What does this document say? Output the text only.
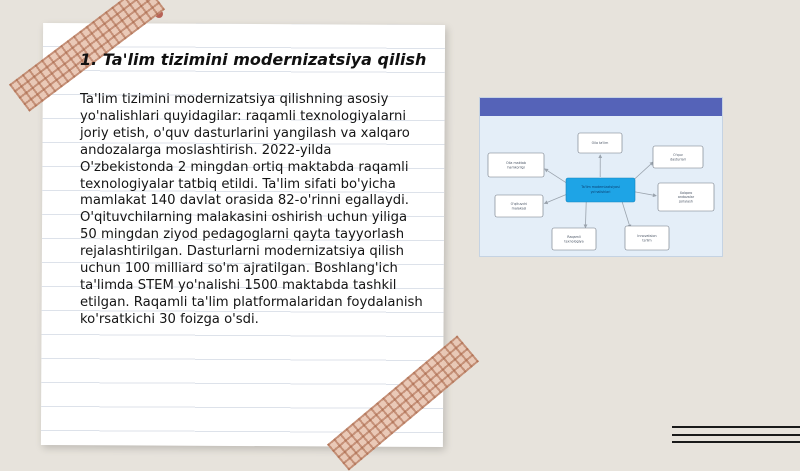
1. Ta'lim tizimini modernizatsiya qilish

Ta'lim tizimini modernizatsiya qilishning asosiy yo'nalishlari quyidagilar: raqamli texnologiyalarni joriy etish, o'quv dasturlarini yangilash va xalqaro andozalarga moslashtirish. 2022-yilda O'zbekistonda 2 mingdan ortiq maktabda raqamli texnologiyalar tatbiq etildi. Ta'lim sifati bo'yicha mamlakat 140 davlat orasida 82-o'rinni egallaydi. O'qituvchilarning malakasini oshirish uchun yiliga 50 mingdan ziyod pedagoglarni qayta tayyorlash rejalashtirilgan. Dasturlarni modernizatsiya qilish uchun 100 milliard so'm ajratilgan. Boshlang'ich ta'limda STEM yo'nalishi 1500 maktabda tashkil etilgan. Raqamli ta'lim platformalaridan foydalanish ko'rsatkichi 30 foizga o'sdi.

Oila ta'lim
Oila maktab
hamkorligi
O'quv
dasturlari
Xalqaro
andozalar
joriylash
O'qituvchi
malakasi
Raqamli
texnologiya
Innovatsion
ta'lim
Ta'lim modernizatsiyasi
yo'nalishlari
